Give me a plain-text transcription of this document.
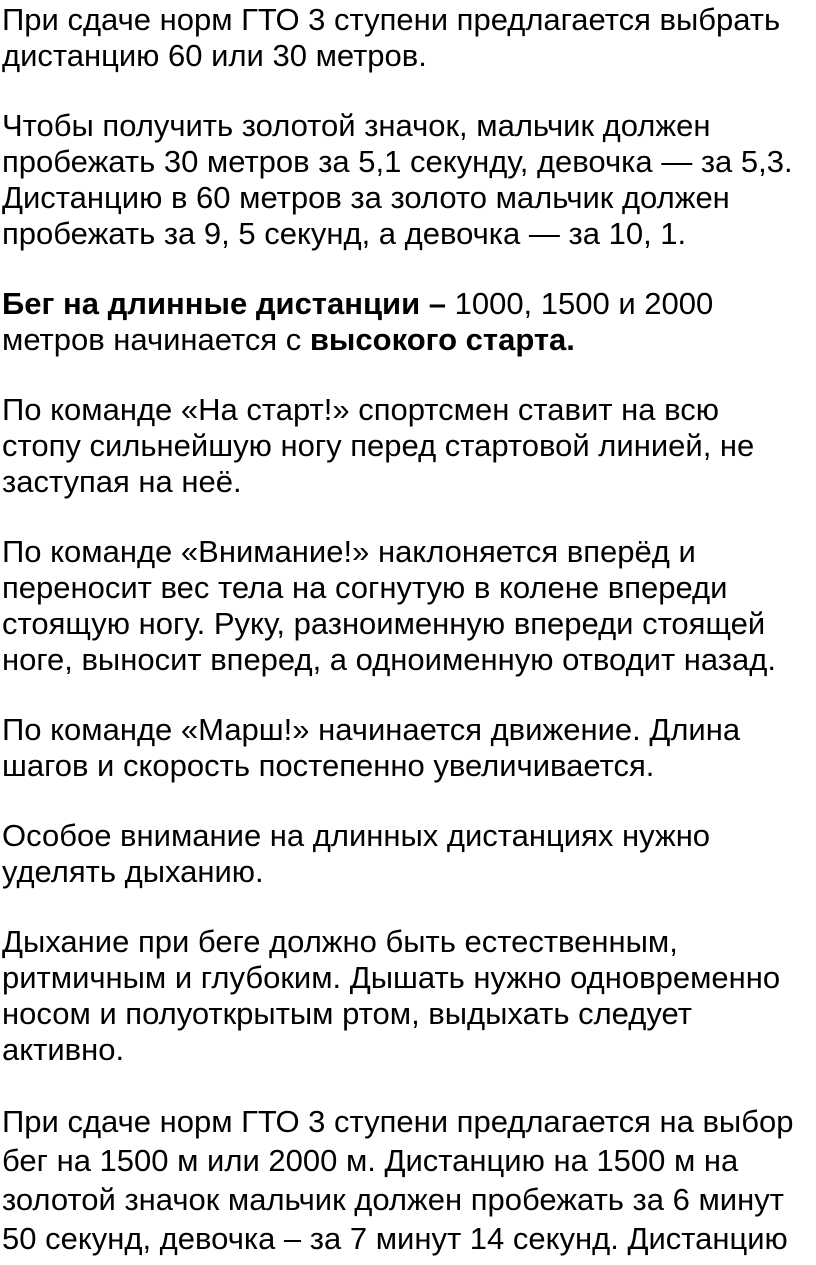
При сдаче норм ГТО 3 ступени предлагается выбрать
дистанцию 60 или 30 метров.

Чтобы получить золотой значок, мальчик должен
пробежать 30 метров за 5,1 секунду, девочка — за 5,3.
Дистанцию в 60 метров за золото мальчик должен
пробежать за 9, 5 секунд, а девочка — за 10, 1.

Бег на длинные дистанции – 1000, 1500 и 2000
метров начинается с высокого старта.

По команде «На старт!» спортсмен ставит на всю
стопу сильнейшую ногу перед стартовой линией, не
заступая на неё.

По команде «Внимание!» наклоняется вперёд и
переносит вес тела на согнутую в колене впереди
стоящую ногу. Руку, разноименную впереди стоящей
ноге, выносит вперед, а одноименную отводит назад.

По команде «Марш!» начинается движение. Длина
шагов и скорость постепенно увеличивается.

Особое внимание на длинных дистанциях нужно
уделять дыханию.

Дыхание при беге должно быть естественным,
ритмичным и глубоким. Дышать нужно одновременно
носом и полуоткрытым ртом, выдыхать следует
активно.

При сдаче норм ГТО 3 ступени предлагается на выбор
бег на 1500 м или 2000 м. Дистанцию на 1500 м на
золотой значок мальчик должен пробежать за 6 минут
50 секунд, девочка – за 7 минут 14 секунд. Дистанцию
